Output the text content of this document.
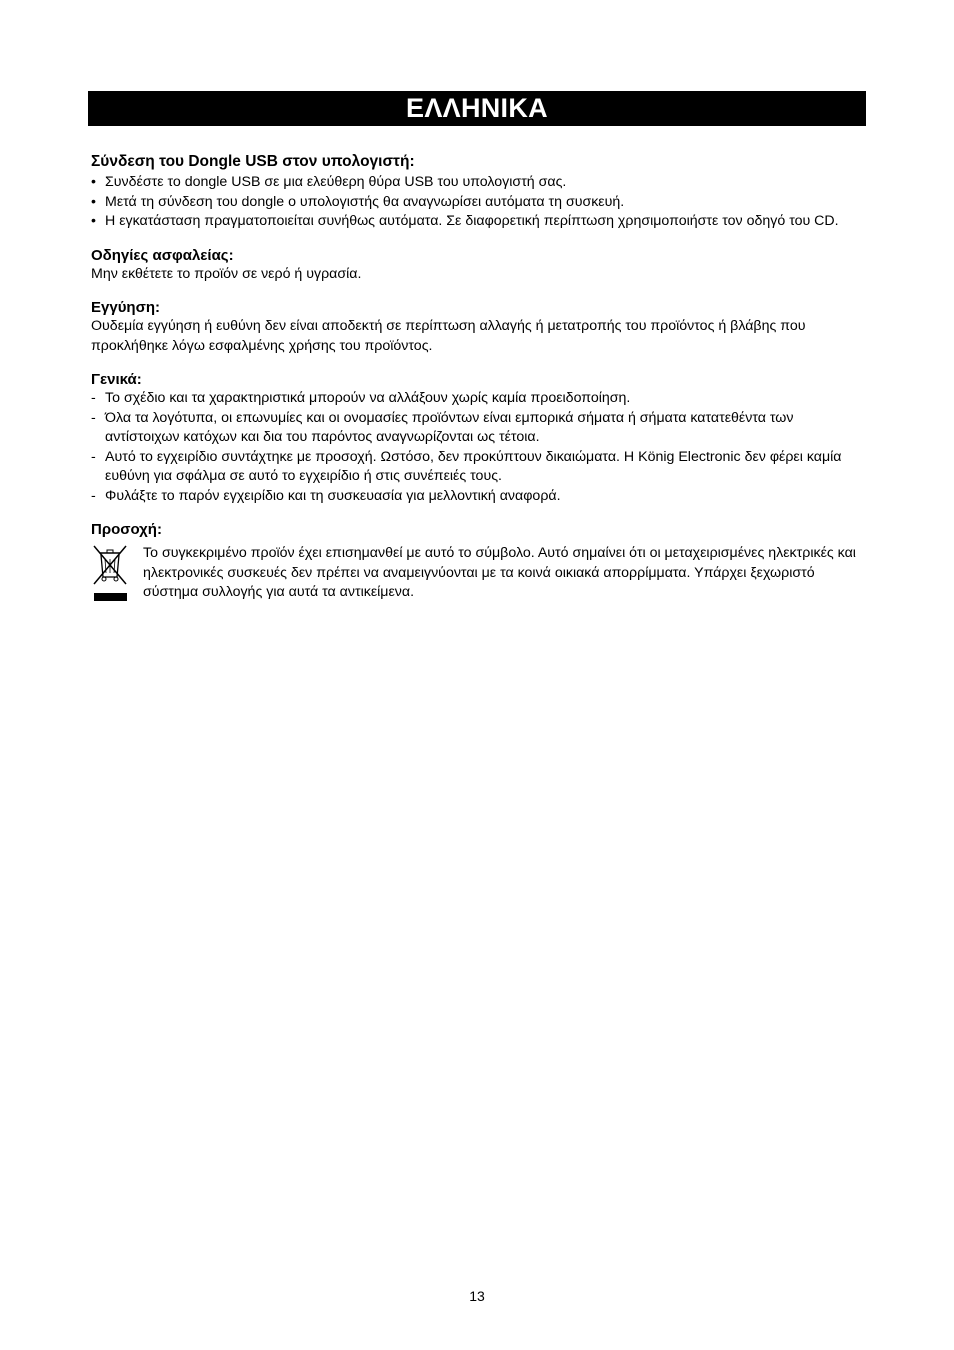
ΕΛΛΗΝΙΚΑ
Σύνδεση του Dongle USB στον υπολογιστή:
• Συνδέστε το dongle USB σε μια ελεύθερη θύρα USB του υπολογιστή σας.
• Μετά τη σύνδεση του dongle ο υπολογιστής θα αναγνωρίσει αυτόματα τη συσκευή.
• Η εγκατάσταση πραγματοποιείται συνήθως αυτόματα. Σε διαφορετική περίπτωση χρησιμοποιήστε τον οδηγό του CD.
Οδηγίες ασφαλείας:

Μην εκθέτετε το προϊόν σε νερό ή υγρασία.

Εγγύηση:

Ουδεμία εγγύηση ή ευθύνη δεν είναι αποδεκτή σε περίπτωση αλλαγής ή μετατροπής του προϊόντος ή βλάβης που προκλήθηκε λόγω εσφαλμένης χρήσης του προϊόντος.

Γενικά:
- Το σχέδιο και τα χαρακτηριστικά μπορούν να αλλάξουν χωρίς καμία προειδοποίηση.
- Όλα τα λογότυπα, οι επωνυμίες και οι ονομασίες προϊόντων είναι εμπορικά σήματα ή σήματα κατατεθέντα των αντίστοιχων κατόχων και δια του παρόντος αναγνωρίζονται ως τέτοια.
- Αυτό το εγχειρίδιο συντάχτηκε με προσοχή. Ωστόσο, δεν προκύπτουν δικαιώματα. Η König Electronic δεν φέρει καμία ευθύνη για σφάλμα σε αυτό το εγχειρίδιο ή στις συνέπειές τους.
- Φυλάξτε το παρόν εγχειρίδιο και τη συσκευασία για μελλοντική αναφορά.
Προσοχή:
Το συγκεκριμένο προϊόν έχει επισημανθεί με αυτό το σύμβολο. Αυτό σημαίνει ότι οι μεταχειρισμένες ηλεκτρικές και ηλεκτρονικές συσκευές δεν πρέπει να αναμειγνύονται με τα κοινά οικιακά απορρίμματα. Υπάρχει ξεχωριστό σύστημα συλλογής για αυτά τα αντικείμενα.
13
